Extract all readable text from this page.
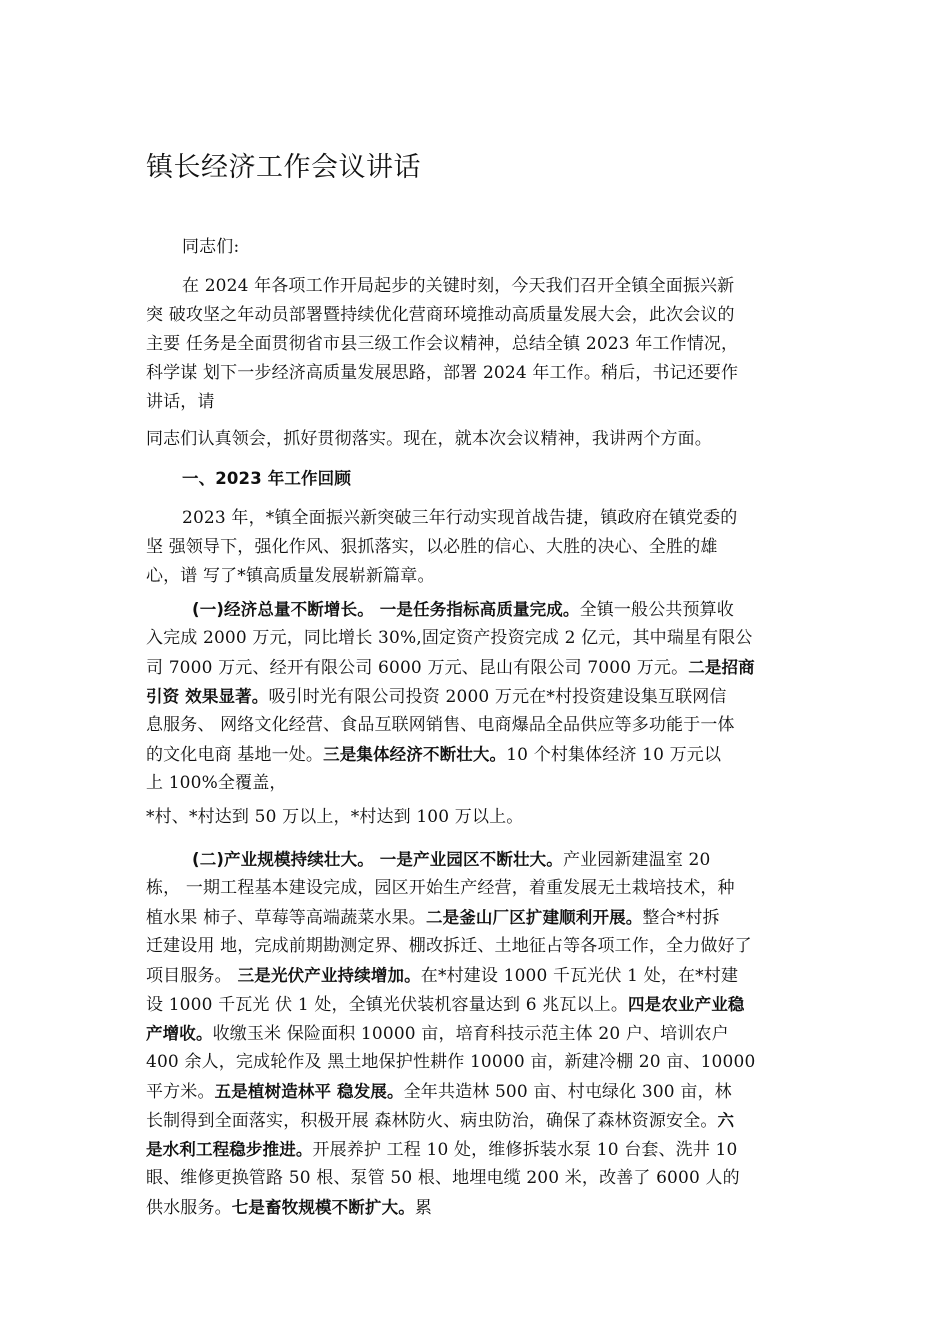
镇长经济工作会议讲话
同志们:
在 2024 年各项工作开局起步的关键时刻，今天我们召开全镇全面振兴新
突 破攻坚之年动员部署暨持续优化营商环境推动高质量发展大会，此次会议的
主要 任务是全面贯彻省市县三级工作会议精神，总结全镇 2023 年工作情况，
科学谋 划下一步经济高质量发展思路，部署 2024 年工作。稍后，书记还要作
讲话，请
同志们认真领会，抓好贯彻落实。现在，就本次会议精神，我讲两个方面。
一、2023 年工作回顾
2023 年，*镇全面振兴新突破三年行动实现首战告捷，镇政府在镇党委的
坚 强领导下，强化作风、狠抓落实，以必胜的信心、大胜的决心、全胜的雄
心，谱 写了*镇高质量发展崭新篇章。
(一)经济总量不断增长。 一是任务指标高质量完成。全镇一般公共预算收
入完成 2000 万元，同比增长 30%,固定资产投资完成 2 亿元，其中瑞星有限公
司 7000 万元、经开有限公司 6000 万元、昆山有限公司 7000 万元。二是招商
引资 效果显著。吸引时光有限公司投资 2000 万元在*村投资建设集互联网信
息服务、 网络文化经营、食品互联网销售、电商爆品全品供应等多功能于一体
的文化电商 基地一处。三是集体经济不断壮大。10 个村集体经济 10 万元以
上 100%全覆盖，
*村、*村达到 50 万以上，*村达到 100 万以上。
(二)产业规模持续壮大。 一是产业园区不断壮大。产业园新建温室 20
栋， 一期工程基本建设完成，园区开始生产经营，着重发展无土栽培技术，种
植水果 柿子、草莓等高端蔬菜水果。二是釜山厂区扩建顺利开展。整合*村拆
迁建设用 地，完成前期勘测定界、棚改拆迁、土地征占等各项工作，全力做好了
项目服务。 三是光伏产业持续增加。在*村建设 1000 千瓦光伏 1 处，在*村建
设 1000 千瓦光 伏 1 处，全镇光伏装机容量达到 6 兆瓦以上。四是农业产业稳
产增收。收缴玉米 保险面积 10000 亩，培育科技示范主体 20 户、培训农户
400 余人，完成轮作及 黑土地保护性耕作 10000 亩，新建冷棚 20 亩、10000
平方米。五是植树造林平 稳发展。全年共造林 500 亩、村屯绿化 300 亩，林
长制得到全面落实，积极开展 森林防火、病虫防治，确保了森林资源安全。六
是水利工程稳步推进。开展养护 工程 10 处，维修拆装水泵 10 台套、洗井 10
眼、维修更换管路 50 根、泵管 50 根、地埋电缆 200 米，改善了 6000 人的
供水服务。七是畜牧规模不断扩大。累
